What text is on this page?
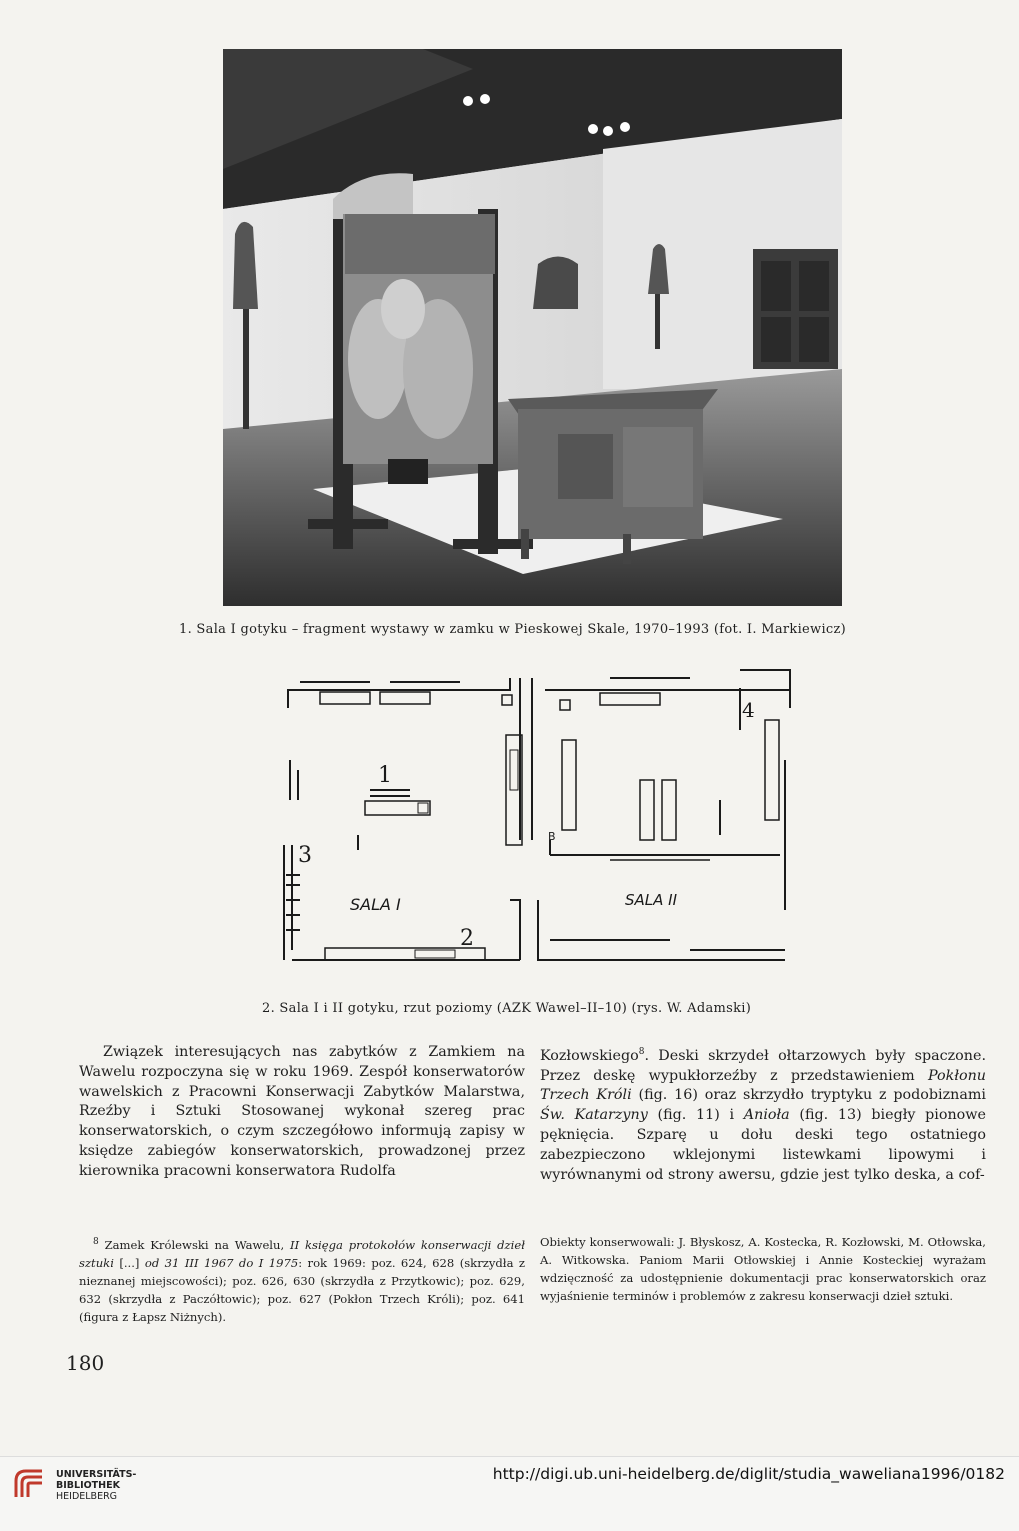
1. Sala I gotyku – fragment wystawy w zamku w Pieskowej Skale, 1970–1993 (fot. I. Markiewicz)
1
2
3
4
SALA I	SALA II
B
2. Sala I i II gotyku, rzut poziomy (AZK Wawel–II–10) (rys. W. Adamski)

Związek interesujących nas zabytków z Zamkiem na Wawelu rozpoczyna się w roku 1969. Zespół konserwatorów wawelskich z Pracowni Konserwacji Zabytków Malarstwa, Rzeźby i Sztuki Stosowanej wykonał szereg prac konserwatorskich, o czym szczegółowo informują zapisy w księdze zabiegów konserwatorskich, prowadzonej przez kierownika pracowni konserwatora Rudolfa

Kozłowskiego$^8$. Deski skrzydeł ołtarzowych były spaczone. Przez deskę wypukłorzeźby z przedstawieniem Pokłonu Trzech Króli (fig. 16) oraz skrzydło tryptyku z podobiznami Św. Katarzyny (fig. 11) i Anioła (fig. 13) biegły pionowe pęknięcia. Szparę u dołu deski tego ostatniego zabezpieczono wklejonymi listewkami lipowymi i wyrównanymi od strony awersu, gdzie jest tylko deska, a cof-

$^8$ Zamek Królewski na Wawelu, II księga protokołów konserwacji dzieł sztuki [...] od 31 III 1967 do I 1975: rok 1969: poz. 624, 628 (skrzydła z nieznanej miejscowości); poz. 626, 630 (skrzydła z Przytkowic); poz. 629, 632 (skrzydła z Paczółtowic); poz. 627 (Pokłon Trzech Króli); poz. 641 (figura z Łapsz Niżnych).

Obiekty konserwowali: J. Błyskosz, A. Kostecka, R. Kozłowski, M. Otłowska, A. Witkowska. Paniom Marii Otłowskiej i Annie Kosteckiej wyrażam wdzięczność za udostępnienie dokumentacji prac konserwatorskich oraz wyjaśnienie terminów i problemów z zakresu konserwacji dzieł sztuki.

180
UNIVERSITÄTS-
BIBLIOTHEK
HEIDELBERG
http://digi.ub.uni-heidelberg.de/diglit/studia_waweliana1996/0182
